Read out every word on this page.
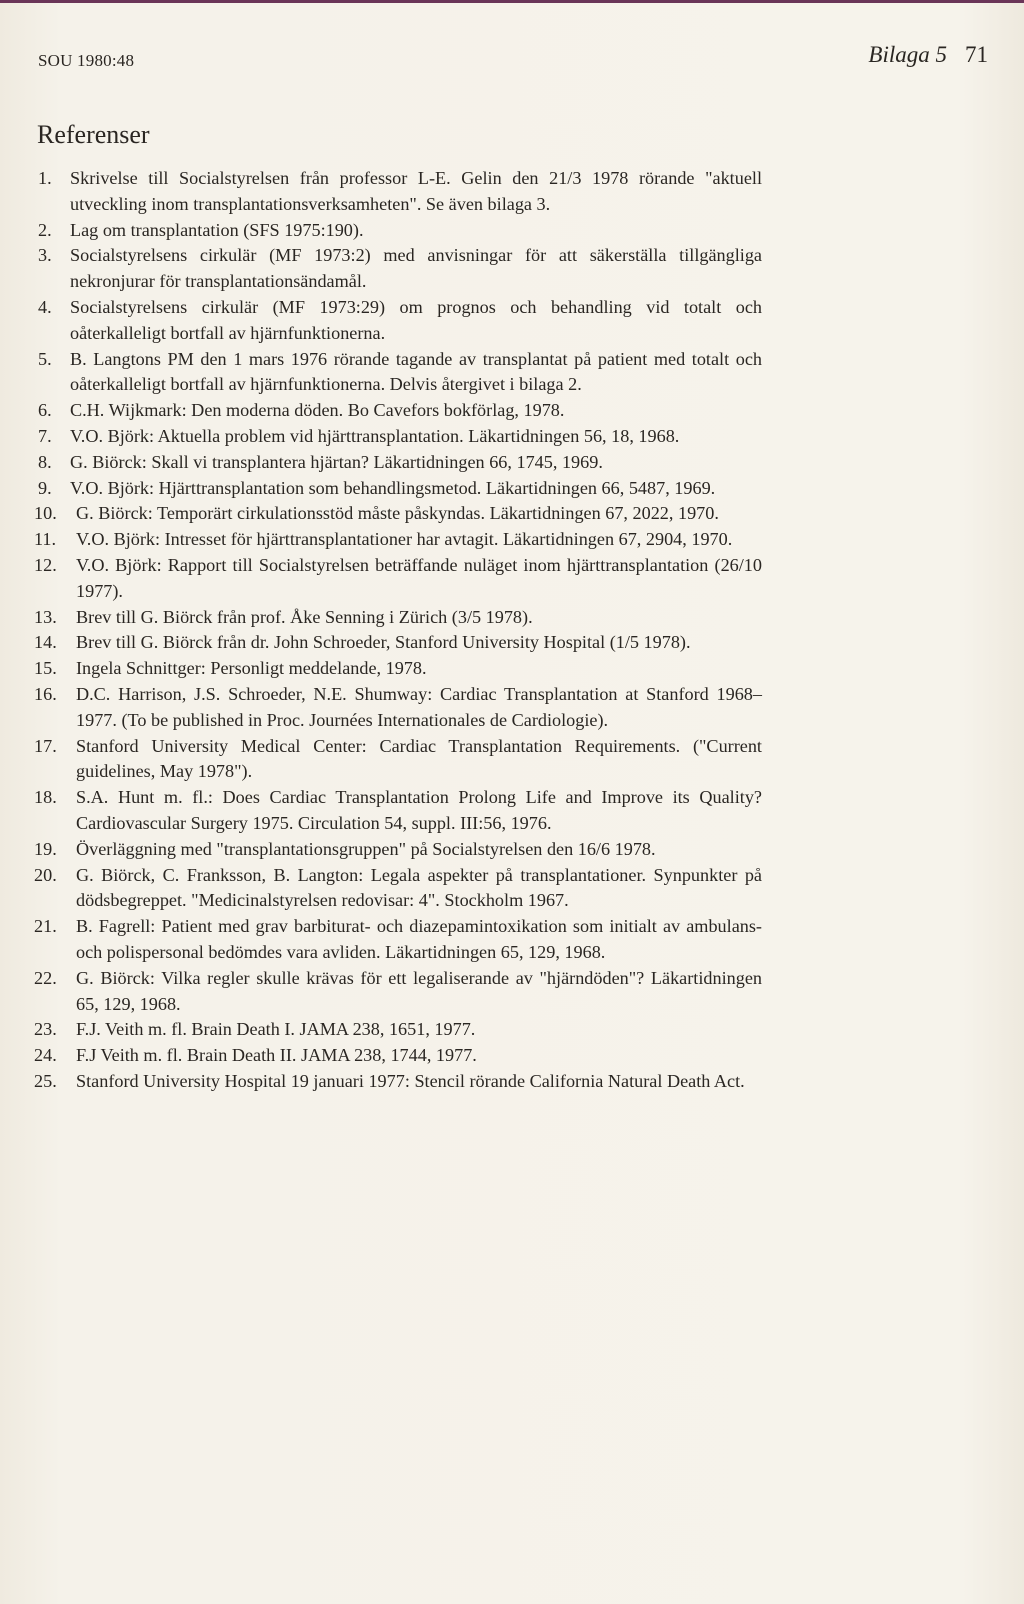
SOU 1980:48	Bilaga 5 71
Referenser
1. Skrivelse till Socialstyrelsen från professor L-E. Gelin den 21/3 1978 rörande "aktuell utveckling inom transplantationsverksamheten". Se även bilaga 3.
2. Lag om transplantation (SFS 1975:190).
3. Socialstyrelsens cirkulär (MF 1973:2) med anvisningar för att säkerställa tillgängliga nekronjurar för transplantationsändamål.
4. Socialstyrelsens cirkulär (MF 1973:29) om prognos och behandling vid totalt och oåterkalleligt bortfall av hjärnfunktionerna.
5. B. Langtons PM den 1 mars 1976 rörande tagande av transplantat på patient med totalt och oåterkalleligt bortfall av hjärnfunktionerna. Delvis återgivet i bilaga 2.
6. C.H. Wijkmark: Den moderna döden. Bo Cavefors bokförlag, 1978.
7. V.O. Björk: Aktuella problem vid hjärttransplantation. Läkartidningen 56, 18, 1968.
8. G. Biörck: Skall vi transplantera hjärtan? Läkartidningen 66, 1745, 1969.
9. V.O. Björk: Hjärttransplantation som behandlingsmetod. Läkartidningen 66, 5487, 1969.
10. G. Biörck: Temporärt cirkulationsstöd måste påskyndas. Läkartidningen 67, 2022, 1970.
11. V.O. Björk: Intresset för hjärttransplantationer har avtagit. Läkartidningen 67, 2904, 1970.
12. V.O. Björk: Rapport till Socialstyrelsen beträffande nuläget inom hjärttransplantation (26/10 1977).
13. Brev till G. Biörck från prof. Åke Senning i Zürich (3/5 1978).
14. Brev till G. Biörck från dr. John Schroeder, Stanford University Hospital (1/5 1978).
15. Ingela Schnittger: Personligt meddelande, 1978.
16. D.C. Harrison, J.S. Schroeder, N.E. Shumway: Cardiac Transplantation at Stanford 1968–1977. (To be published in Proc. Journées Internationales de Cardiologie).
17. Stanford University Medical Center: Cardiac Transplantation Requirements. ("Current guidelines, May 1978").
18. S.A. Hunt m. fl.: Does Cardiac Transplantation Prolong Life and Improve its Quality? Cardiovascular Surgery 1975. Circulation 54, suppl. III:56, 1976.
19. Överläggning med "transplantationsgruppen" på Socialstyrelsen den 16/6 1978.
20. G. Biörck, C. Franksson, B. Langton: Legala aspekter på transplantationer. Synpunkter på dödsbegreppet. "Medicinalstyrelsen redovisar: 4". Stockholm 1967.
21. B. Fagrell: Patient med grav barbiturat- och diazepamintoxikation som initialt av ambulans- och polispersonal bedömdes vara avliden. Läkartidningen 65, 129, 1968.
22. G. Biörck: Vilka regler skulle krävas för ett legaliserande av "hjärndöden"? Läkartidningen 65, 129, 1968.
23. F.J. Veith m. fl. Brain Death I. JAMA 238, 1651, 1977.
24. F.J Veith m. fl. Brain Death II. JAMA 238, 1744, 1977.
25. Stanford University Hospital 19 januari 1977: Stencil rörande California Natural Death Act.
